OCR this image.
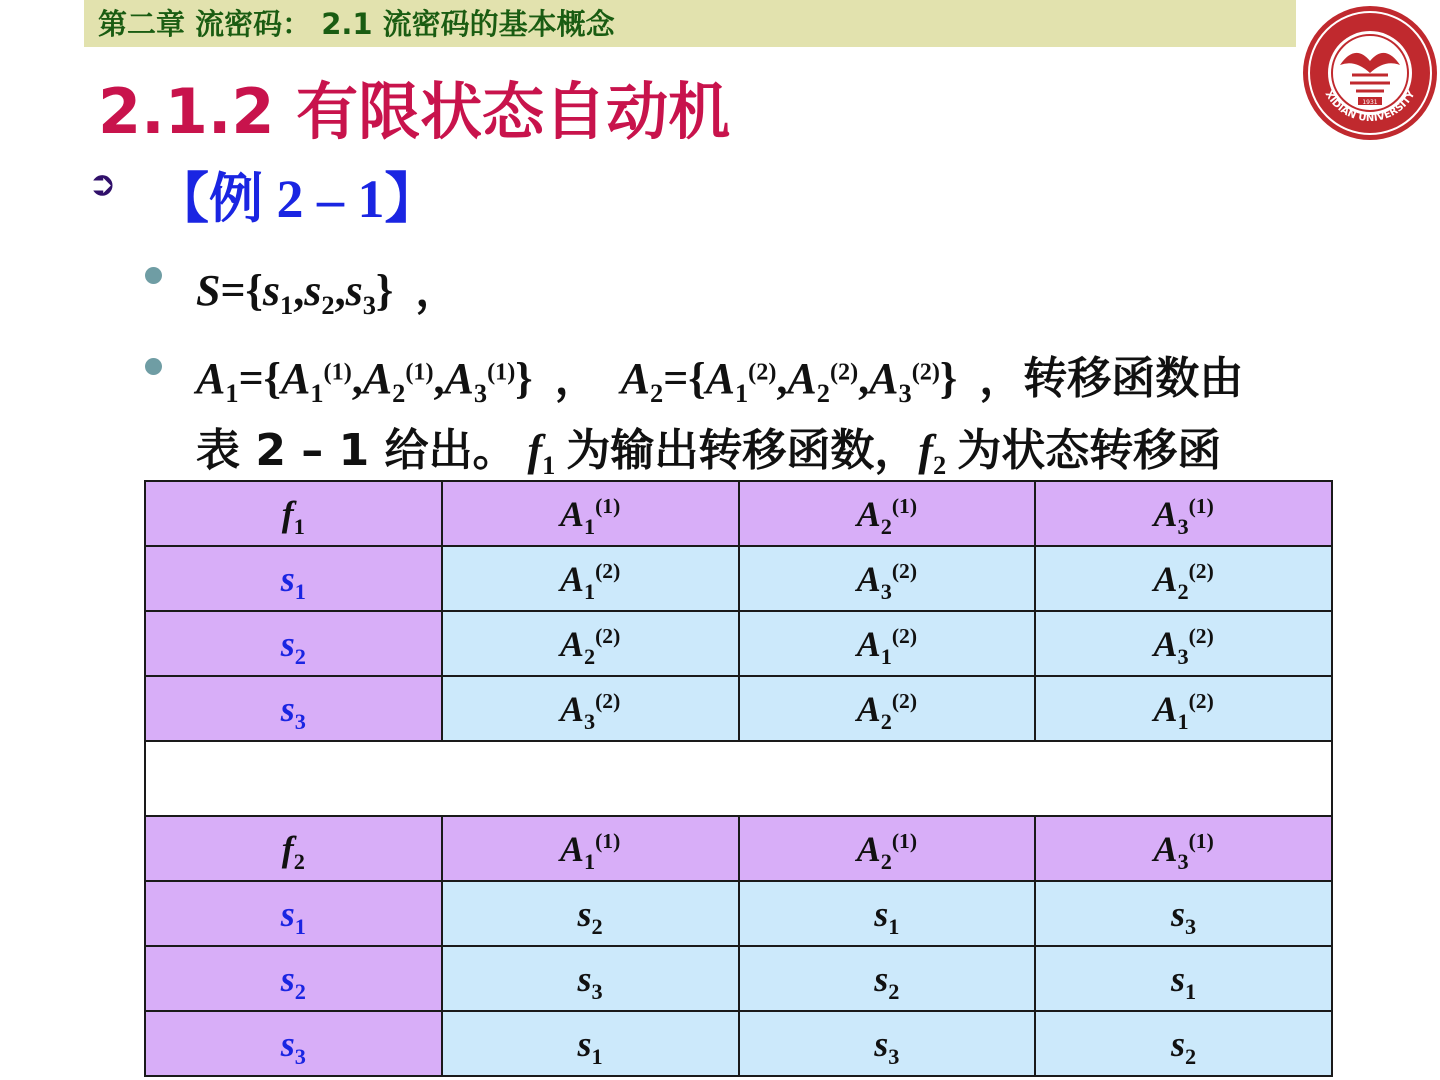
第二章 流密码： 2.1 流密码的基本概念
1931
XIDIAN UNIVERSITY
2.1.2 有限状态自动机
➲ 【例 2 – 1】
$S=\{s_1,s_2,s_3\}$ ，
$A_1=\{A_1^{(1)},A_2^{(1)},A_3^{(1)}\}$ ， $A_2=\{A_1^{(2)},A_2^{(2)},A_3^{(2)}\}$ ，转移函数由
表 2 – 1 给出。 $f_1$ 为输出转移函数，$f_2$ 为状态转移函
$f_1$	$A_1^{(1)}$	$A_2^{(1)}$	$A_3^{(1)}$
$s_1$	$A_1^{(2)}$	$A_3^{(2)}$	$A_2^{(2)}$
$s_2$	$A_2^{(2)}$	$A_1^{(2)}$	$A_3^{(2)}$
$s_3$	$A_3^{(2)}$	$A_2^{(2)}$	$A_1^{(2)}$

$f_2$	$A_1^{(1)}$	$A_2^{(1)}$	$A_3^{(1)}$
$s_1$	$s_2$	$s_1$	$s_3$
$s_2$	$s_3$	$s_2$	$s_1$
$s_3$	$s_1$	$s_3$	$s_2$
